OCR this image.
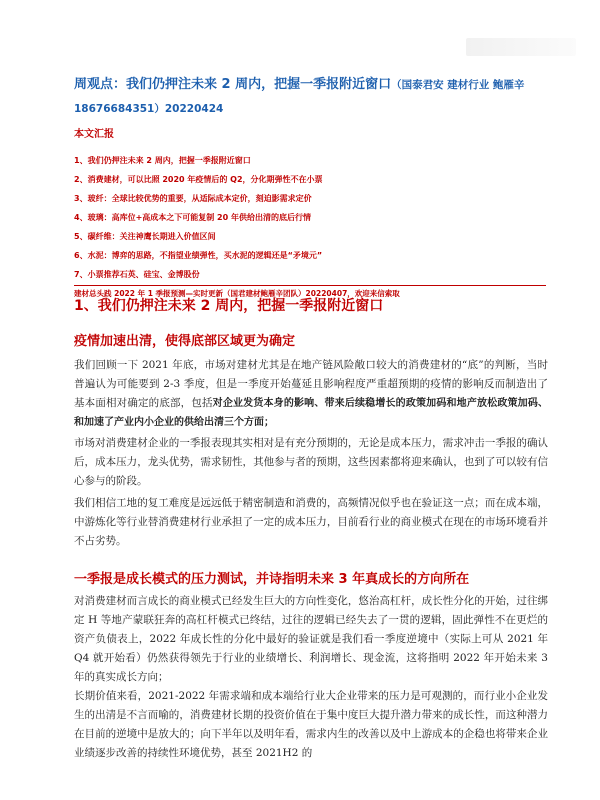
周观点：我们仍押注未来 2 周内，把握一季报附近窗口（国泰君安 建材行业 鲍雁辛 18676684351）20220424
本文汇报
1、我们仍押注未来 2 周内，把握一季报附近窗口
2、消费建材，可以比照 2020 年疫情后的 Q2，分化期弹性不在小票
3、玻纤：全球比较优势的重要，从适际成本定价，刻迫影需求定价
4、玻璃：高库位+高成本之下可能复制 20 年供给出清的底后行情
5、碳纤维：关注神鹰长期进入价值区间
6、水泥：博弈的思路，不指望业绩弹性，买水泥的逻辑还是“矛境元”
7、小票推荐石英、硅宝、金博股份
建材总头践 2022 年 1 季报预测—实时更新（国君建材鲍雁辛团队）20220407，欢迎来信索取
1、我们仍押注未来 2 周内，把握一季报附近窗口
疫情加速出清，使得底部区域更为确定
我们回顾一下 2021 年底，市场对建材尤其是在地产链风险敞口较大的消费建材的“底”的判断，当时普遍认为可能要到 2-3 季度，但是一季度开始蔓延且影响程度严重超预期的疫情的影响反而制造出了基本面相对确定的底部，包括对企业发货本身的影响、带来后续稳增长的政策加码和地产放松政策加码、和加速了产业内小企业的供给出清三个方面；
市场对消费建材企业的一季报表现其实相对是有充分预期的，无论是成本压力，需求冲击一季报的确认后，成本压力，龙头优势，需求韧性，其他参与者的预期，这些因素都将迎来确认，也到了可以较有信心参与的阶段。
我们相信工地的复工难度是远远低于精密制造和消费的，高频情况似乎也在验证这一点；而在成本端，中游炼化等行业替消费建材行业承担了一定的成本压力，目前看行业的商业模式在现在的市场环境看并不占劣势。
一季报是成长模式的压力测试，并诗指明未来 3 年真成长的方向所在
对消费建材而言成长的商业模式已经发生巨大的方向性变化，悠治高杠杆，成长性分化的开始，过往绑定 H 等地产蒙联狂奔的高杠杆模式已终结，过往的逻辑已经失去了一贯的逻辑，固此弹性不在更烂的资产负债表上，2022 年成长性的分化中最好的验证就是我们看一季度逆境中（实际上可从 2021 年 Q4 就开始看）仍然获得领先于行业的业绩增长、利润增长、现金流，这将指明 2022 年开始未来 3 年的真实成长方向；
长期价值来看，2021-2022 年需求端和成本端给行业大企业带来的压力是可观测的，而行业小企业发生的出清是不言而喻的，消费建材长期的投资价值在于集中度巨大提升潜力带来的成长性，而这种潜力在目前的逆境中是放大的；向下半年以及明年看，需求内生的改善以及中上游成本的企稳也将带来企业业绩逐步改善的持续性环境优势，甚至 2021H2 的
